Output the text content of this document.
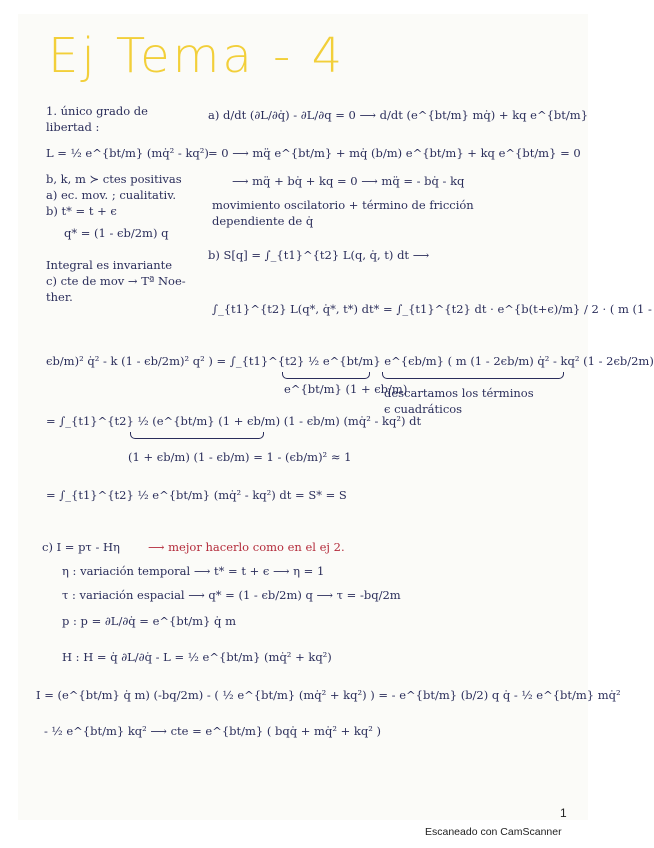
Ej Tema - 4
1. único grado de
libertad :
L = ½ e^{bt/m} (mq̇² - kq²)
b, k, m ≻ ctes positivas
a) ec. mov. ; cualitativ.
b) t* = t + ϵ
q* = (1 - ϵb/2m) q
Integral es invariante
c) cte de mov → Tª Noe-
ther.
a) d/dt (∂L/∂q̇) - ∂L/∂q = 0 ⟶ d/dt (e^{bt/m} mq̇) + kq e^{bt/m}
= 0 ⟶ mq̈ e^{bt/m} + mq̇ (b/m) e^{bt/m} + kq e^{bt/m} = 0
⟶ mq̈ + bq̇ + kq = 0 ⟶ mq̈ = - bq̇ - kq
movimiento oscilatorio + término de fricción
dependiente de q̇
b) S[q] = ∫_{t1}^{t2} L(q, q̇, t) dt ⟶
∫_{t1}^{t2} L(q*, q̇*, t*) dt* = ∫_{t1}^{t2} dt · e^{b(t+ϵ)/m} / 2 · ( m (1 -
ϵb/m)² q̇² - k (1 - ϵb/2m)² q² ) = ∫_{t1}^{t2} ½ e^{bt/m} e^{ϵb/m} ( m (1 - 2ϵb/m) q̇² - kq² (1 - 2ϵb/2m)
e^{bt/m} (1 + ϵb/m)
descartamos los términos
ϵ cuadráticos
= ∫_{t1}^{t2} ½ (e^{bt/m} (1 + ϵb/m) (1 - ϵb/m) (mq̇² - kq²) dt
(1 + ϵb/m) (1 - ϵb/m) = 1 - (ϵb/m)² ≈ 1
= ∫_{t1}^{t2} ½ e^{bt/m} (mq̇² - kq²) dt = S* = S
c) I = pτ - Hη ⟶ mejor hacerlo como en el ej 2.
η : variación temporal ⟶ t* = t + ϵ ⟶ η = 1
τ : variación espacial ⟶ q* = (1 - ϵb/2m) q ⟶ τ = -bq/2m
p : p = ∂L/∂q̇ = e^{bt/m} q̇ m
H : H = q̇ ∂L/∂q̇ - L = ½ e^{bt/m} (mq̇² + kq²)
I = (e^{bt/m} q̇ m) (-bq/2m) - ( ½ e^{bt/m} (mq̇² + kq²) ) = - e^{bt/m} (b/2) q q̇ - ½ e^{bt/m} mq̇²
- ½ e^{bt/m} kq² ⟶ cte = e^{bt/m} ( bqq̇ + mq̇² + kq² )
1
Escaneado con CamScanner
